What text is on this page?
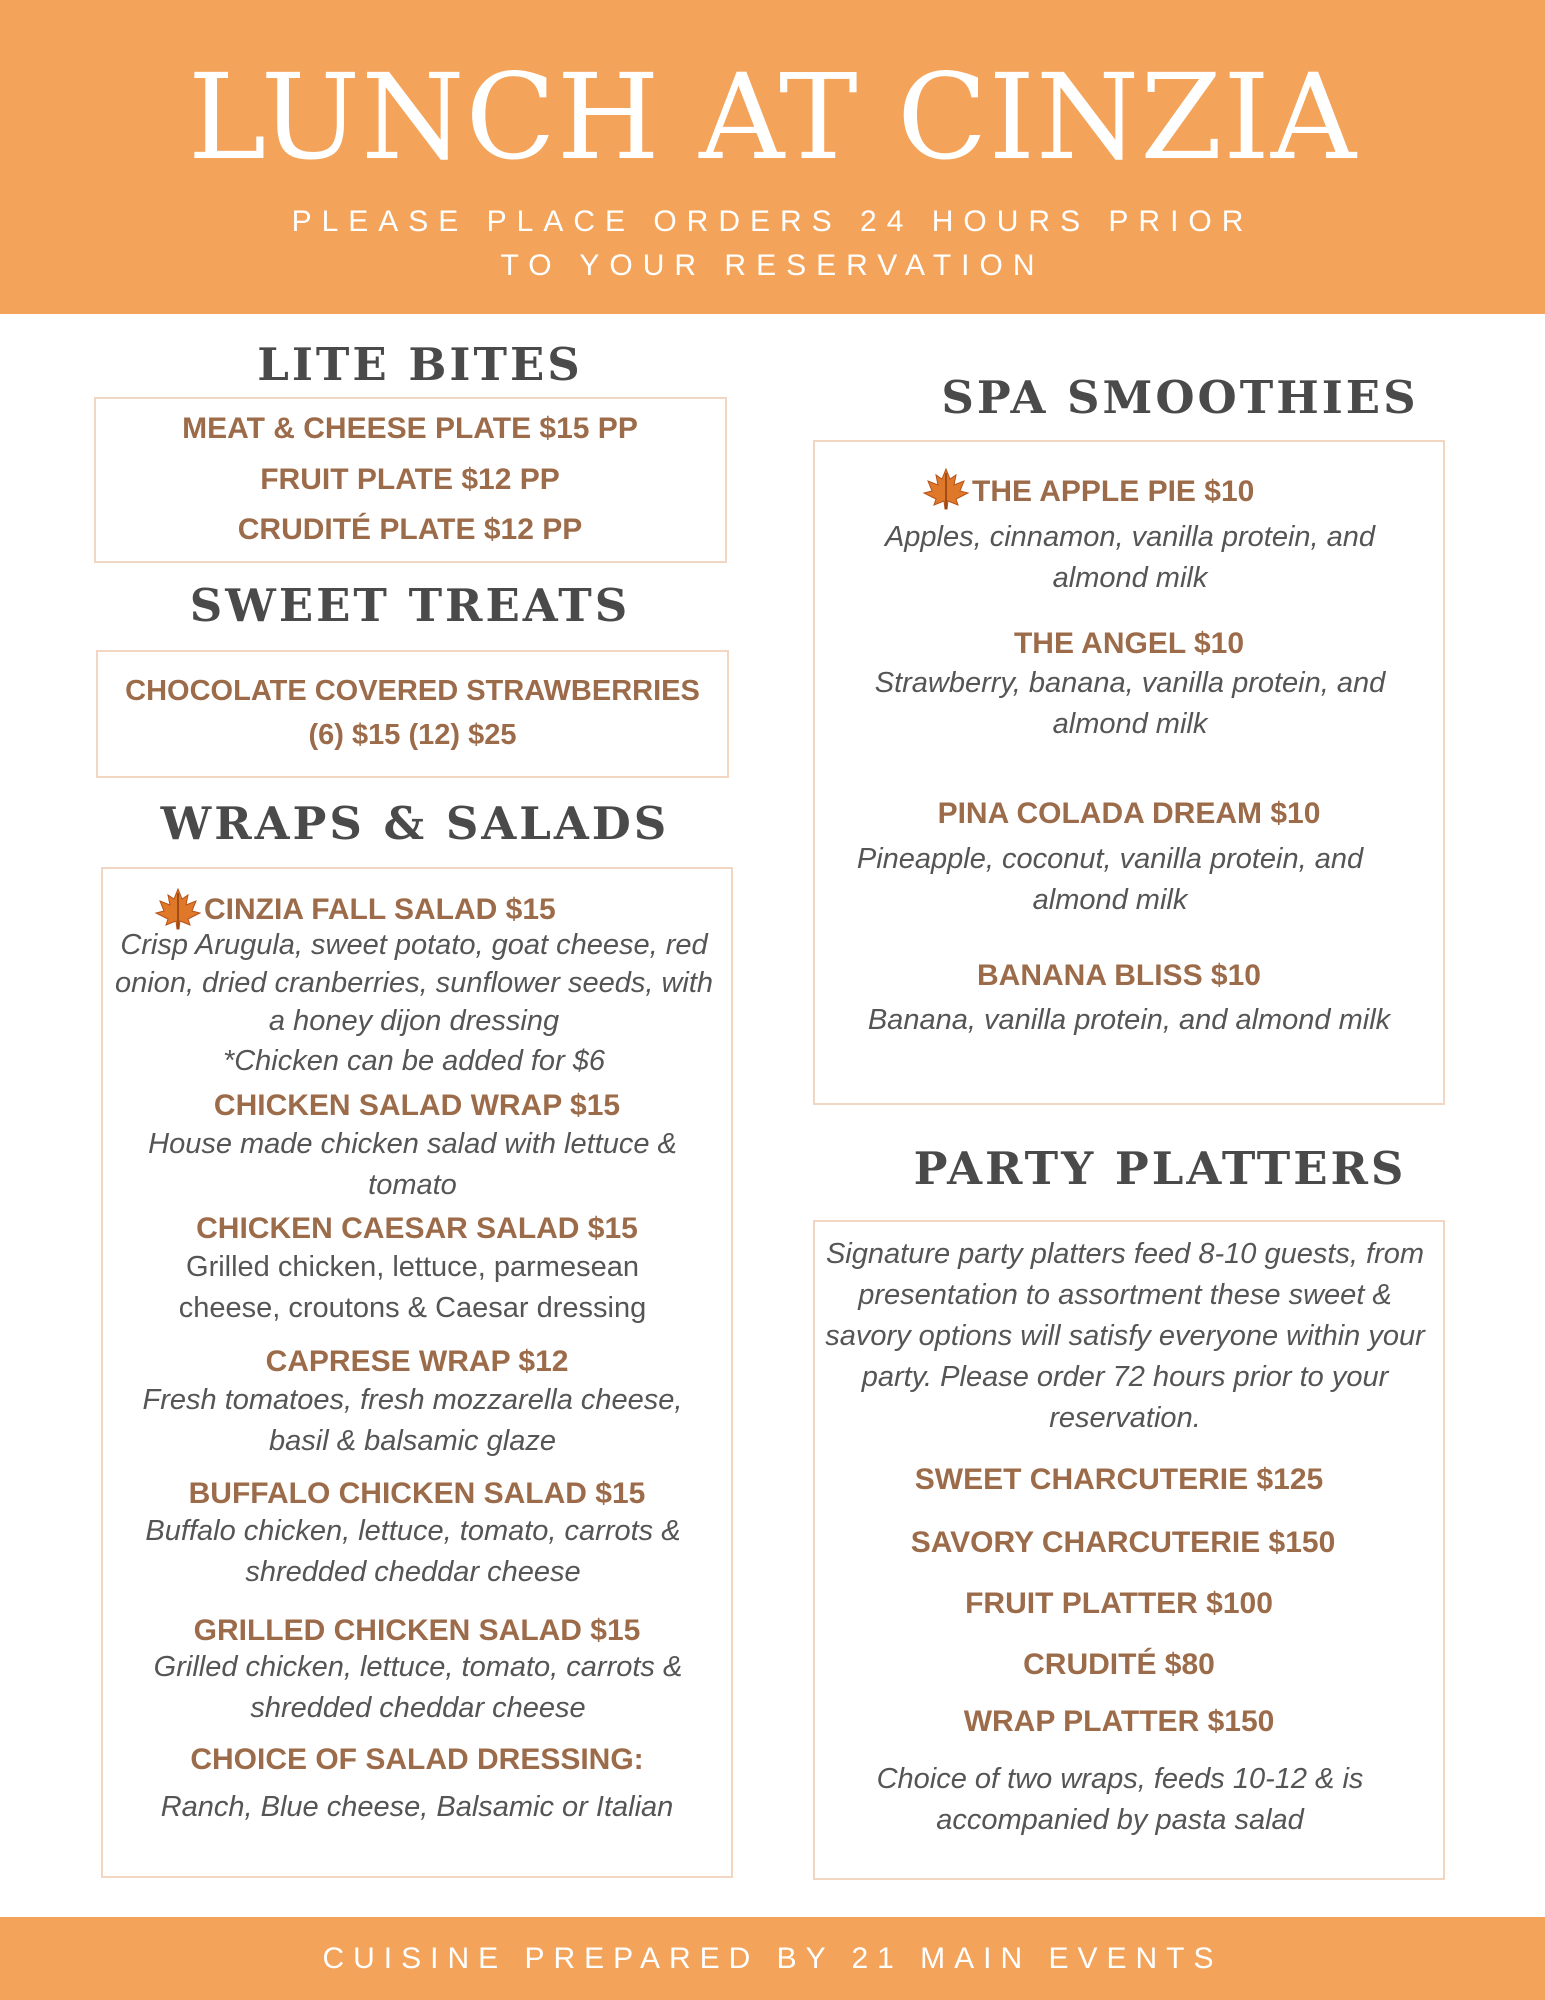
LUNCH AT CINZIA
PLEASE PLACE ORDERS 24 HOURS PRIOR TO YOUR RESERVATION
LITE BITES
MEAT & CHEESE PLATE $15 PP
FRUIT PLATE $12 PP
CRUDITÉ PLATE $12 PP
SWEET TREATS
CHOCOLATE COVERED STRAWBERRIES
(6) $15 (12) $25
WRAPS & SALADS
CINZIA FALL SALAD $15
Crisp Arugula, sweet potato, goat cheese, red onion, dried cranberries, sunflower seeds, with a honey dijon dressing
*Chicken can be added for $6
CHICKEN SALAD WRAP $15
House made chicken salad with lettuce & tomato
CHICKEN CAESAR SALAD $15
Grilled chicken, lettuce, parmesean cheese, croutons & Caesar dressing
CAPRESE WRAP $12
Fresh tomatoes, fresh mozzarella cheese, basil & balsamic glaze
BUFFALO CHICKEN SALAD $15
Buffalo chicken, lettuce, tomato, carrots & shredded cheddar cheese
GRILLED CHICKEN SALAD $15
Grilled chicken, lettuce, tomato, carrots & shredded cheddar cheese
CHOICE OF SALAD DRESSING:
Ranch, Blue cheese, Balsamic or Italian
SPA SMOOTHIES
THE APPLE PIE $10
Apples, cinnamon, vanilla protein, and almond milk
THE ANGEL $10
Strawberry, banana, vanilla protein, and almond milk
PINA COLADA DREAM $10
Pineapple, coconut, vanilla protein, and almond milk
BANANA BLISS $10
Banana, vanilla protein, and almond milk
PARTY PLATTERS
Signature party platters feed 8-10 guests, from presentation to assortment these sweet & savory options will satisfy everyone within your party. Please order 72 hours prior to your reservation.
SWEET CHARCUTERIE $125
SAVORY CHARCUTERIE $150
FRUIT PLATTER $100
CRUDITÉ $80
WRAP PLATTER $150
Choice of two wraps, feeds 10-12 & is accompanied by pasta salad
CUISINE PREPARED BY 21 MAIN EVENTS
